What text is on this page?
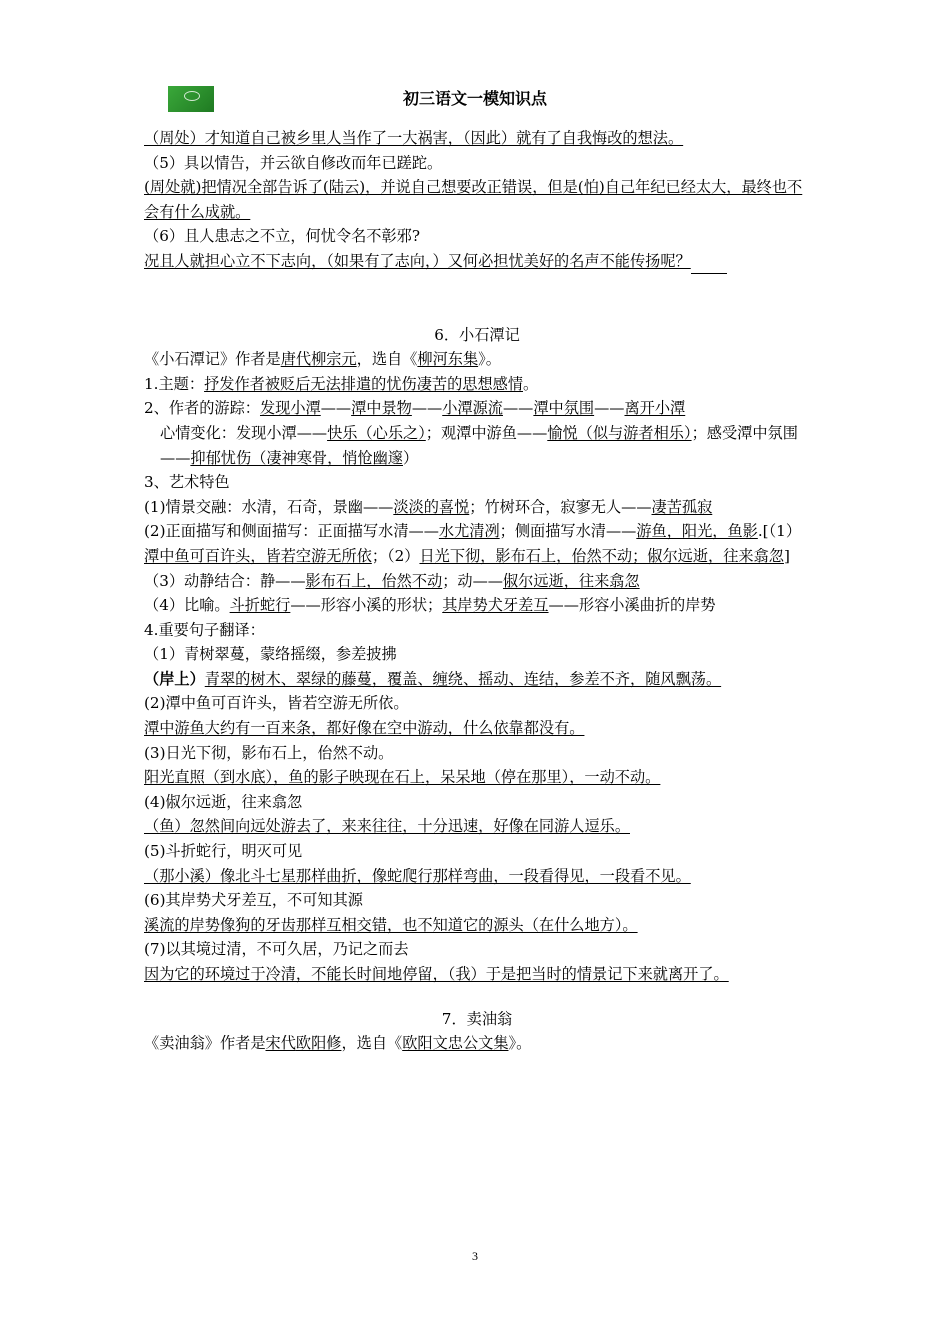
初三语文一模知识点

（周处）才知道自己被乡里人当作了一大祸害，（因此）就有了自我悔改的想法。

（5）具以情告，并云欲自修改而年已蹉跎。

(周处就)把情况全部告诉了(陆云)，并说自己想要改正错误，但是(怕)自己年纪已经太大，最终也不会有什么成就。

（6）且人患志之不立，何忧令名不彰邪?

况且人就担心立不下志向，（如果有了志向，）又何必担忧美好的名声不能传扬呢？

6．小石潭记

《小石潭记》作者是唐代柳宗元，选自《柳河东集》。

1.主题：抒发作者被贬后无法排遣的忧伤凄苦的思想感情。

2、作者的游踪：发现小潭——潭中景物——小潭源流——潭中氛围——离开小潭

心情变化：发现小潭——快乐（心乐之）；观潭中游鱼——愉悦（似与游者相乐）；感受潭中氛围——抑郁忧伤（凄神寒骨，悄怆幽邃）

3、艺术特色

(1)情景交融：水清，石奇，景幽——淡淡的喜悦；竹树环合，寂寥无人——凄苦孤寂

(2)正面描写和侧面描写：正面描写水清——水尤清冽；侧面描写水清——游鱼，阳光，鱼影.[（1）潭中鱼可百许头，皆若空游无所依；（2）日光下彻，影布石上，佁然不动；俶尔远逝，往来翕忽]

（3）动静结合：静——影布石上，佁然不动；动——俶尔远逝，往来翕忽

（4）比喻。斗折蛇行——形容小溪的形状；其岸势犬牙差互——形容小溪曲折的岸势

4.重要句子翻译：

（1）青树翠蔓，蒙络摇缀，参差披拂

（岸上）青翠的树木、翠绿的藤蔓，覆盖、缠绕、摇动、连结，参差不齐，随风飘荡。

(2)潭中鱼可百许头，皆若空游无所依。

潭中游鱼大约有一百来条，都好像在空中游动，什么依靠都没有。

(3)日光下彻，影布石上，佁然不动。

阳光直照（到水底），鱼的影子映现在石上，呆呆地（停在那里），一动不动。

(4)俶尔远逝，往来翕忽

（鱼）忽然间向远处游去了，来来往往，十分迅速，好像在同游人逗乐。

(5)斗折蛇行，明灭可见

（那小溪）像北斗七星那样曲折，像蛇爬行那样弯曲，一段看得见，一段看不见。

(6)其岸势犬牙差互，不可知其源

溪流的岸势像狗的牙齿那样互相交错，也不知道它的源头（在什么地方）。

(7)以其境过清，不可久居，乃记之而去

因为它的环境过于冷清，不能长时间地停留，（我）于是把当时的情景记下来就离开了。

7．卖油翁

《卖油翁》作者是宋代欧阳修，选自《欧阳文忠公文集》。

3
